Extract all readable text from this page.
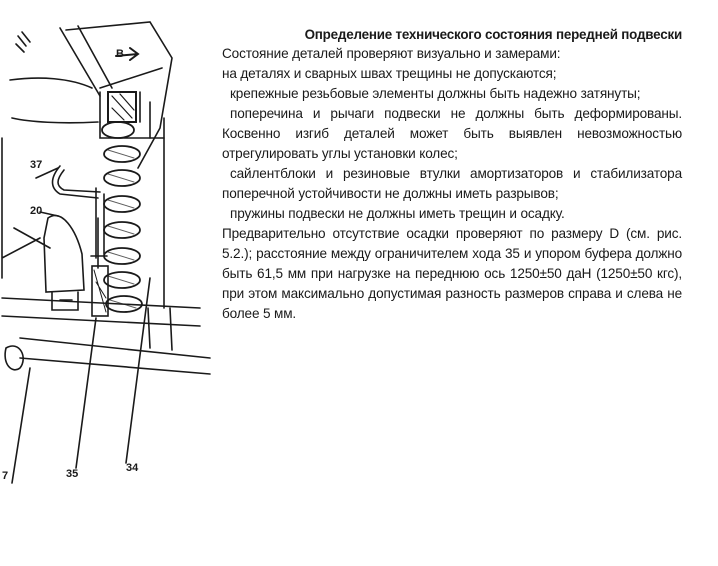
B
37
20
7	35	34
Определение технического состояния передней подвески

Состояние деталей проверяют визуально и замерами:

на деталях и сварных швах трещины не допускаются;

крепежные резьбовые элементы должны быть надежно затянуты;

поперечина и рычаги подвески не должны быть деформированы. Косвенно изгиб деталей может быть выявлен невозможностью отрегулировать углы установки колес;

сайлентблоки и резиновые втулки амортизаторов и стабилизатора поперечной устойчивости не должны иметь разрывов;

пружины подвески не должны иметь трещин и осадку.

Предварительно отсутствие осадки проверяют по размеру D (см. рис. 5.2.); расстояние между ограничителем хода 35 и упором буфера должно быть 61,5 мм при нагрузке на переднюю ось 1250±50 даН (1250±50 кгс), при этом максимально допустимая разность размеров справа и слева не более 5 мм.
